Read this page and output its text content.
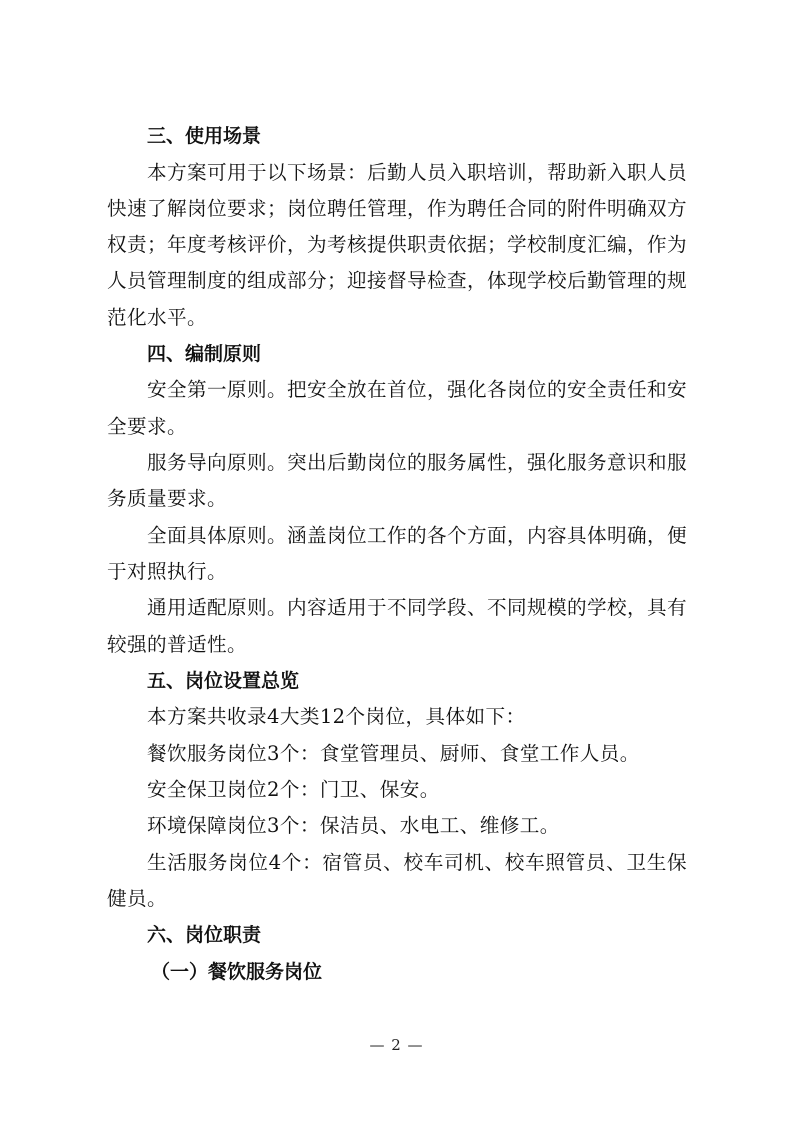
三、使用场景

本方案可用于以下场景：后勤人员入职培训，帮助新入职人员快速了解岗位要求；岗位聘任管理，作为聘任合同的附件明确双方权责；年度考核评价，为考核提供职责依据；学校制度汇编，作为人员管理制度的组成部分；迎接督导检查，体现学校后勤管理的规范化水平。

四、编制原则

安全第一原则。把安全放在首位，强化各岗位的安全责任和安全要求。

服务导向原则。突出后勤岗位的服务属性，强化服务意识和服务质量要求。

全面具体原则。涵盖岗位工作的各个方面，内容具体明确，便于对照执行。

通用适配原则。内容适用于不同学段、不同规模的学校，具有较强的普适性。

五、岗位设置总览

本方案共收录4大类12个岗位，具体如下：

餐饮服务岗位3个：食堂管理员、厨师、食堂工作人员。

安全保卫岗位2个：门卫、保安。

环境保障岗位3个：保洁员、水电工、维修工。

生活服务岗位4个：宿管员、校车司机、校车照管员、卫生保健员。

六、岗位职责
（一）餐饮服务岗位
— 2 —
